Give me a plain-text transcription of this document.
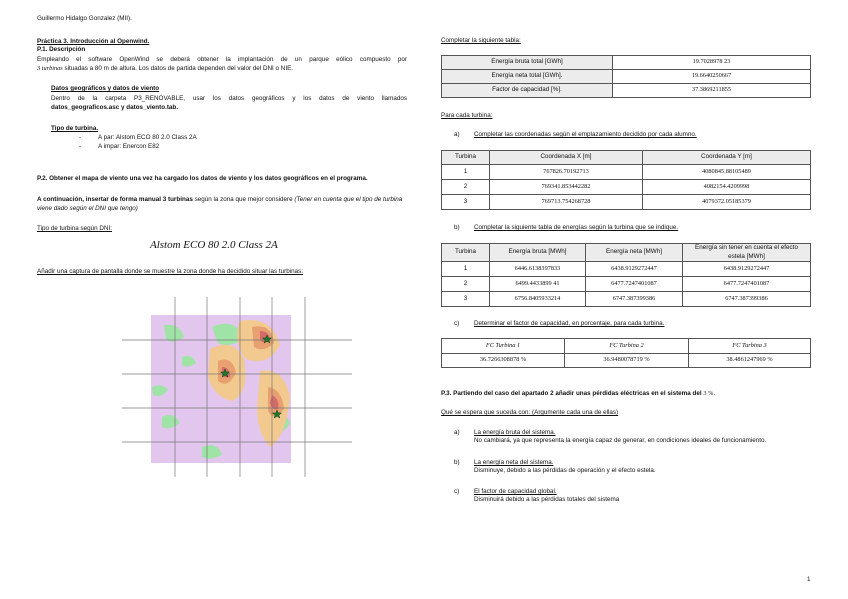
Guillermo Hidalgo Gonzalez (MII).
Práctica 3. Introducción al Openwind.
P.1. Descripción
Empleando el software OpenWind se deberá obtener la implantación de un parque eólico compuesto por
3 turbinas situadas a 80 m de altura. Los datos de partida dependen del valor del DNI o NIE.
Datos geográficos y datos de viento
Dentro de la carpeta P3_RENOVABLE, usar los datos geográficos y los datos de viento llamados
datos_geograficos.asc y datos_viento.tab.
Tipo de turbina.
-	A par: Alstom ECO 80 2.0 Class 2A
-	A impar: Enercon E82
P.2. Obtener el mapa de viento una vez ha cargado los datos de viento y los datos geográficos en el programa.
A continuación, insertar de forma manual 3 turbinas según la zona que mejor considere (Tener en cuenta que el tipo de turbina viene dado según el DNI que tengo)
Tipo de turbina según DNI:
Alstom ECO 80 2.0 Class 2A
Añadir una captura de pantalla donde se muestre la zona donde ha decidido situar las turbinas:
Completar la siguiente tabla:
Energía bruta total [GWh]	19.7028978 23
Energía neta total [GWh].	19.6640250667
Factor de capacidad [%].	37.3869211855
Para cada turbina:
a) Completar las coordenadas según el emplazamiento decidido por cada alumno.
Turbina	Coordenada X [m]	Coordenada Y [m]
1	767826.70192713	4080845.88105489
2	769341.853442282	4082154.4209998
3	769713.754268728	4079372.05185379
b) Completar la siguiente tabla de energías según la turbina que se indique.
Turbina	Energía bruta [MWh]	Energía neta [MWh]	Energía sin tener en cuenta el efecto estela [MWh]
1	6446.6138397833	6438.9129272447	6438.9129272447
2	6499.4433899 41	6477.7247401087	6477.7247401087
3	6756.8405933214	6747.387399386	6747.387399386
c) Determinar el factor de capacidad, en porcentaje, para cada turbina.
FC Turbina 1	FC Turbina 2	FC Turbina 3
36.7266308878 %	36.9480078719 %	38.4861247969 %
P.3. Partiendo del caso del apartado 2 añadir unas pérdidas eléctricas en el sistema del 3 %.
Qué se espera que suceda con: (Argumente cada una de ellas)
a) La energía bruta del sistema.
No cambiará, ya que representa la energía capaz de generar, en condiciones ideales de funcionamiento.
b) La energía neta del sistema.
Disminuye, debido a las pérdidas de operación y el efecto estela.
c) El factor de capacidad global.
Disminuirá debido a las pérdidas totales del sistema
1
